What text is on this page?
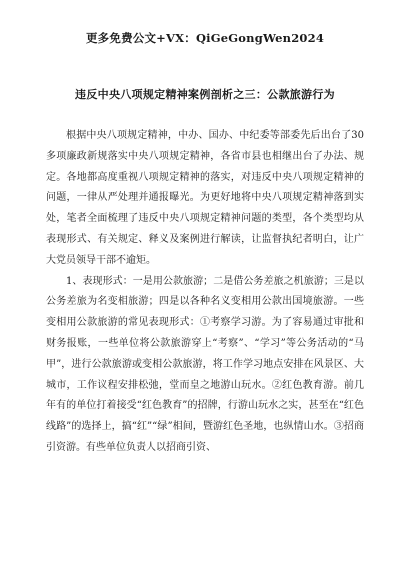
更多免费公文+VX：QiGeGongWen2024
违反中央八项规定精神案例剖析之三：公款旅游行为

根据中央八项规定精神，中办、国办、中纪委等部委先后出台了30多项廉政新规落实中央八项规定精神，各省市县也相继出台了办法、规定。各地都高度重视八项规定精神的落实，对违反中央八项规定精神的问题，一律从严处理并通报曝光。为更好地将中央八项规定精神落到实处，笔者全面梳理了违反中央八项规定精神问题的类型，各个类型均从表现形式、有关规定、释义及案例进行解读，让监督执纪者明白，让广大党员领导干部不逾矩。

1、表现形式：一是用公款旅游；二是借公务差旅之机旅游；三是以公务差旅为名变相旅游；四是以各种名义变相用公款出国境旅游。一些变相用公款旅游的常见表现形式：①考察学习游。为了容易通过审批和财务报账，一些单位将公款旅游穿上“考察”、“学习”等公务活动的“马甲”，进行公款旅游或变相公款旅游，将工作学习地点安排在风景区、大城市，工作议程安排松弛，堂而皇之地游山玩水。②红色教育游。前几年有的单位打着接受“红色教育”的招牌，行游山玩水之实，甚至在“红色线路”的选择上，搞“红”“绿”相间，暨游红色圣地，也纵情山水。③招商引资游。有些单位负责人以招商引资、
